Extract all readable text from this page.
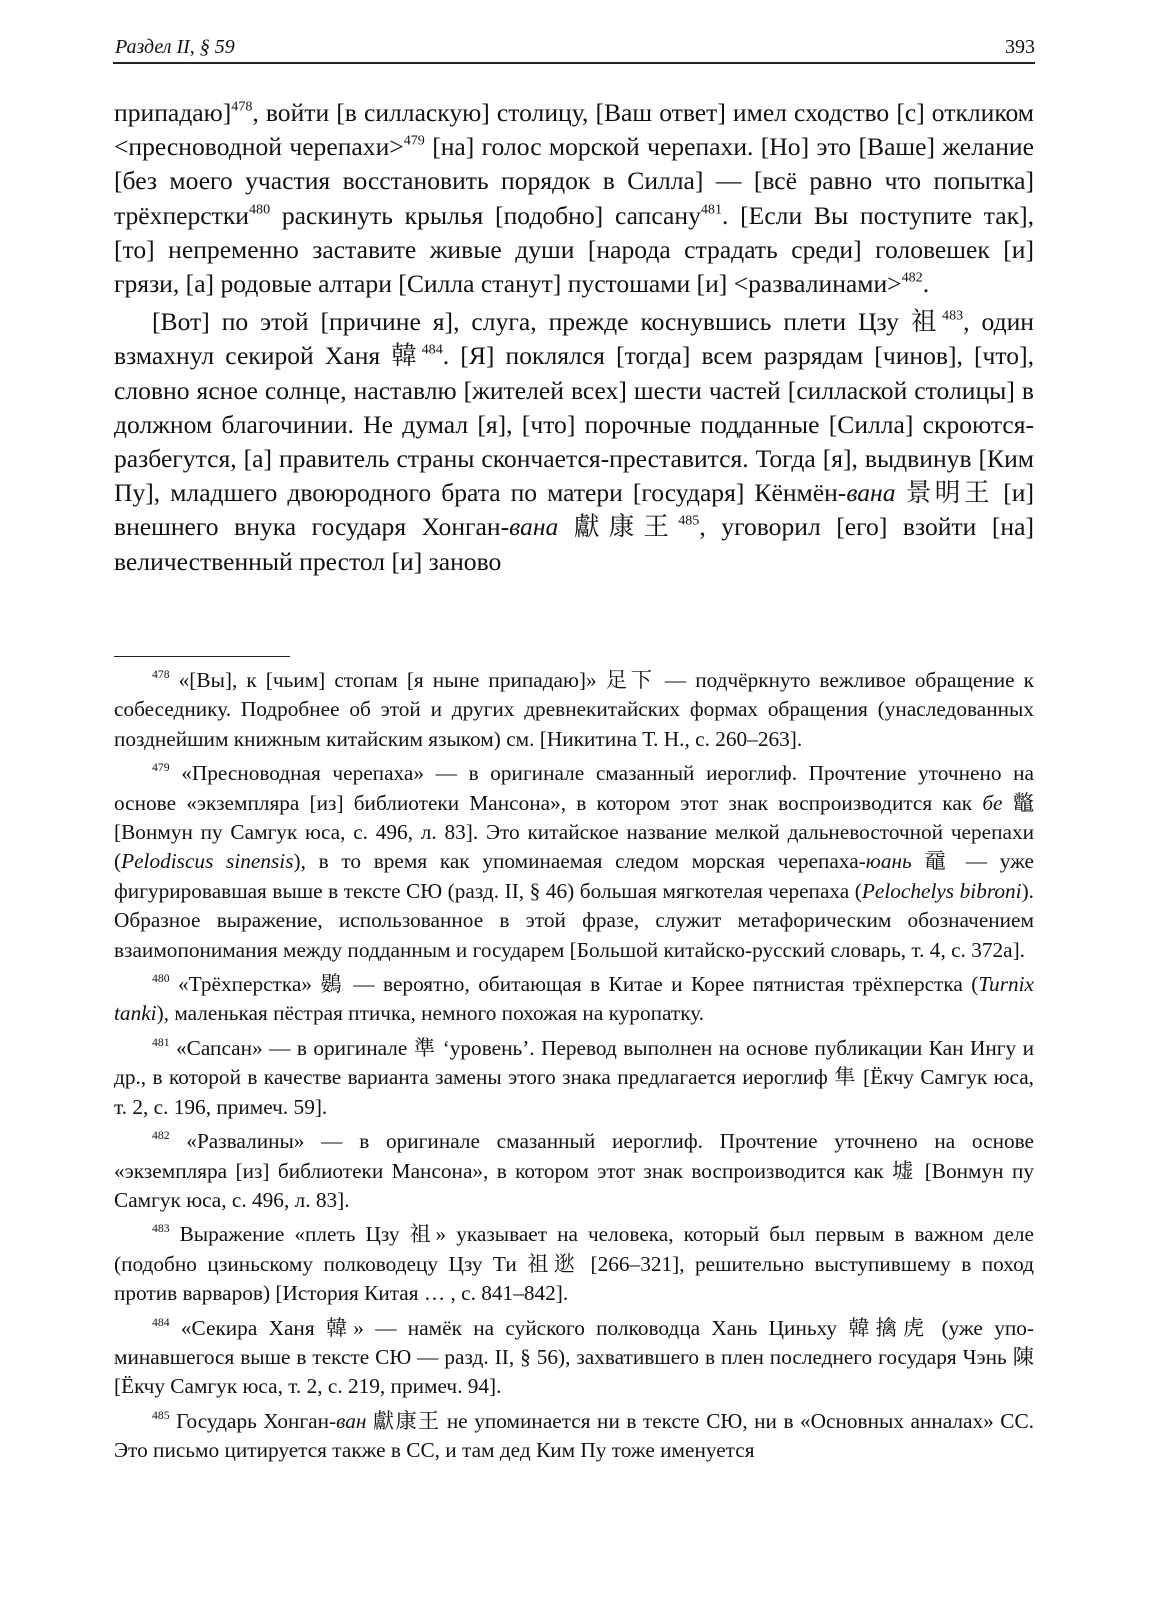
Раздел II, § 59	393

припадаю]$^{478}$, войти [в силласкую] столицу, [Ваш ответ] имел сходство [с] откликом <пресноводной черепахи>$^{479}$ [на] голос морской черепахи. [Но] это [Ваше] желание [без моего участия восстановить порядок в Силла] — [всё равно что попытка] трёхперстки$^{480}$ раскинуть крылья [подобно] сапсану$^{481}$. [Если Вы поступите так], [то] непременно заставите живые души [народа страдать среди] головешек [и] грязи, [а] родовые алтари [Силла станут] пустошами [и] <развалинами>$^{482}$.

[Вот] по этой [причине я], слуга, прежде коснувшись плети Цзу 祖$^{483}$, один взмахнул секирой Ханя 韓$^{484}$. [Я] поклялся [тогда] всем разрядам [чинов], [что], словно ясное солнце, наставлю [жителей всех] шести частей [силлаской столицы] в должном благочинии. Не думал [я], [что] порочные подданные [Силла] скроются-разбегутся, [а] правитель страны скончается-преставится. Тогда [я], выдвинув [Ким Пу], младшего двоюродного брата по матери [государя] Кёнмён-вана 景明王 [и] внешнего внука государя Хонган-вана 獻康王$^{485}$, уговорил [его] взойти [на] величественный престол [и] заново

$^{478}$ «[Вы], к [чьим] стопам [я ныне припадаю]» 足下 — подчёркнуто вежливое обращение к собеседнику. Подробнее об этой и других древнекитайских формах обращения (унаследованных позднейшим книжным китайским языком) см. [Никитина Т. Н., с. 260–263].

$^{479}$ «Пресноводная черепаха» — в оригинале смазанный иероглиф. Прочтение уточнено на основе «экземпляра [из] библиотеки Мансона», в котором этот знак воспроизводится как бе 鼈 [Вонмун пу Самгук юса, с. 496, л. 83]. Это китайское название мелкой дальневосточной черепахи (Pelodiscus sinensis), в то время как упоминаемая следом морская черепаха-юань 黿 — уже фигурировавшая выше в тексте СЮ (разд. II, § 46) большая мягкотелая черепаха (Pelochelys bibroni). Образное выражение, использованное в этой фразе, служит метафорическим обозначением взаимопонимания между подданным и государем [Большой китайско-русский словарь, т. 4, с. 372а].

$^{480}$ «Трёхперстка» 鷃 — вероятно, обитающая в Китае и Корее пятнистая трёхперстка (Turnix tanki), маленькая пёстрая птичка, немного похожая на куропатку.

$^{481}$ «Сапсан» — в оригинале 準 ‘уровень’. Перевод выполнен на основе публикации Кан Ингу и др., в которой в качестве варианта замены этого знака предлагается иероглиф 隼 [Ёкчу Самгук юса, т. 2, с. 196, примеч. 59].

$^{482}$ «Развалины» — в оригинале смазанный иероглиф. Прочтение уточнено на основе «экземпляра [из] библиотеки Мансона», в котором этот знак воспроизводится как 墟 [Вонмун пу Самгук юса, с. 496, л. 83].

$^{483}$ Выражение «плеть Цзу 祖» указывает на человека, который был первым в важном деле (подобно цзиньскому полководецу Цзу Ти 祖逖 [266–321], решительно выступившему в поход против варваров) [История Китая … , с. 841–842].

$^{484}$ «Секира Ханя 韓» — намёк на суйского полководца Хань Циньху 韓擒虎 (уже упоминавшегося выше в тексте СЮ — разд. II, § 56), захватившего в плен последнего государя Чэнь 陳 [Ёкчу Самгук юса, т. 2, с. 219, примеч. 94].

$^{485}$ Государь Хонган-ван 獻康王 не упоминается ни в тексте СЮ, ни в «Основных анналах» СС. Это письмо цитируется также в СС, и там дед Ким Пу тоже именуется
